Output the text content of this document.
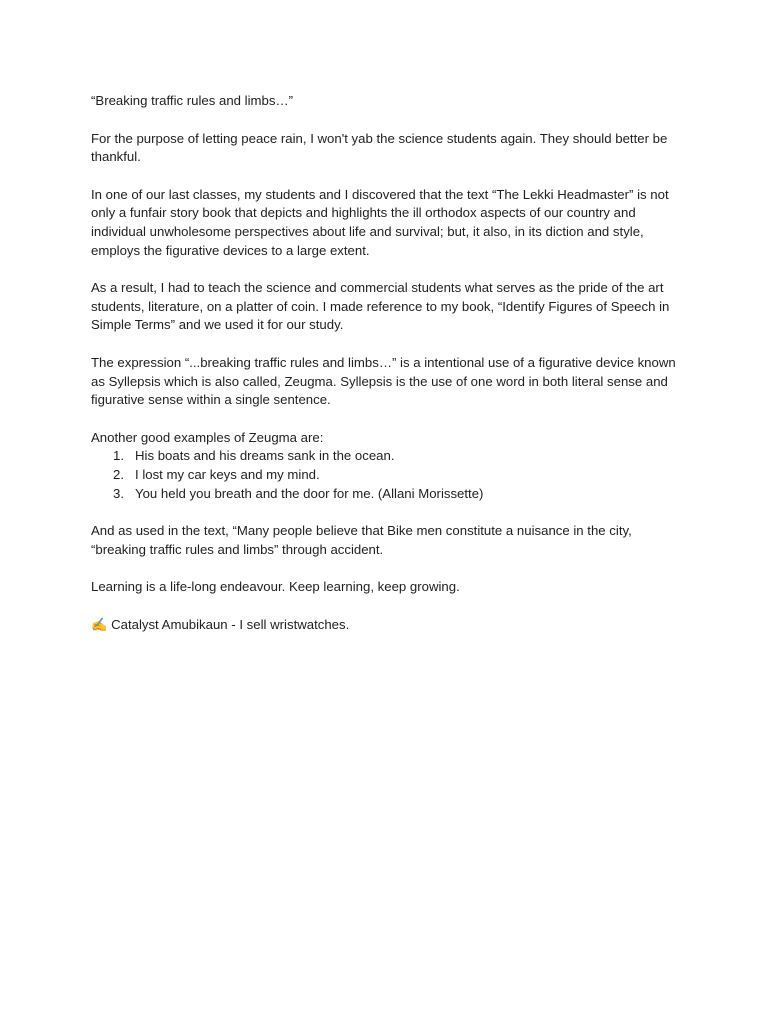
“Breaking traffic rules and limbs…”

For the purpose of letting peace rain, I won't yab the science students again. They should better be thankful.

In one of our last classes, my students and I discovered that the text “The Lekki Headmaster” is not only a funfair story book that depicts and highlights the ill orthodox aspects of our country and individual unwholesome perspectives about life and survival; but, it also, in its diction and style, employs the figurative devices to a large extent.

As a result, I had to teach the science and commercial students what serves as the pride of the art students, literature, on a platter of coin. I made reference to my book, “Identify Figures of Speech in Simple Terms” and we used it for our study.

The expression “...breaking traffic rules and limbs…” is a intentional use of a figurative device known as Syllepsis which is also called, Zeugma. Syllepsis is the use of one word in both literal sense and figurative sense within a single sentence.

Another good examples of Zeugma are:

1. His boats and his dreams sank in the ocean.
2. I lost my car keys and my mind.
3. You held you breath and the door for me. (Allani Morissette)

And as used in the text, “Many people believe that Bike men constitute a nuisance in the city, “breaking traffic rules and limbs” through accident.

Learning is a life-long endeavour. Keep learning, keep growing.

✍ Catalyst Amubikaun - I sell wristwatches.
